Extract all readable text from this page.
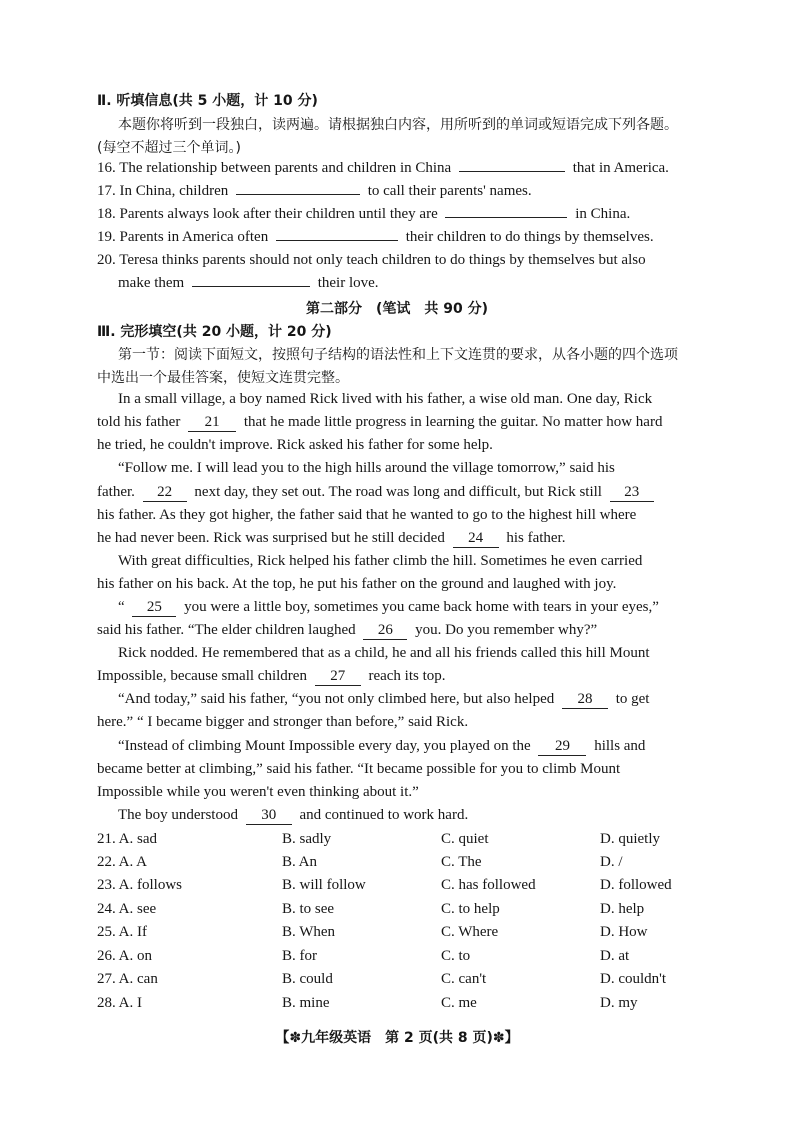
Ⅱ. 听填信息(共 5 小题，计 10 分)
本题你将听到一段独白，读两遍。请根据独白内容，用所听到的单词或短语完成下列各题。
(每空不超过三个单词。)
16. The relationship between parents and children in China	that in America.
17. In China, children	to call their parents' names.
18. Parents always look after their children until they are	in China.
19. Parents in America often	their children to do things by themselves.
20. Teresa thinks parents should not only teach children to do things by themselves but also
make them	their love.
第二部分　(笔试　共 90 分)
Ⅲ. 完形填空(共 20 小题，计 20 分)
第一节：阅读下面短文，按照句子结构的语法性和上下文连贯的要求，从各小题的四个选项
中选出一个最佳答案，使短文连贯完整。
In a small village, a boy named Rick lived with his father, a wise old man. One day, Rick
told his father 21 that he made little progress in learning the guitar. No matter how hard
he tried, he couldn't improve. Rick asked his father for some help.
“Follow me. I will lead you to the high hills around the village tomorrow,” said his
father. 22 next day, they set out. The road was long and difficult, but Rick still 23
his father. As they got higher, the father said that he wanted to go to the highest hill where
he had never been. Rick was surprised but he still decided 24 his father.
With great difficulties, Rick helped his father climb the hill. Sometimes he even carried
his father on his back. At the top, he put his father on the ground and laughed with joy.
“ 25 you were a little boy, sometimes you came back home with tears in your eyes,”
said his father. “The elder children laughed 26 you. Do you remember why?”
Rick nodded. He remembered that as a child, he and all his friends called this hill Mount
Impossible, because small children 27 reach its top.
“And today,” said his father, “you not only climbed here, but also helped 28 to get
here.” “ I became bigger and stronger than before,” said Rick.
“Instead of climbing Mount Impossible every day, you played on the 29 hills and
became better at climbing,” said his father. “It became possible for you to climb Mount
Impossible while you weren't even thinking about it.”
The boy understood 30 and continued to work hard.
21. A. sad	B. sadly	C. quiet	D. quietly
22. A. A	B. An	C. The	D. /
23. A. follows	B. will follow	C. has followed	D. followed
24. A. see	B. to see	C. to help	D. help
25. A. If	B. When	C. Where	D. How
26. A. on	B. for	C. to	D. at
27. A. can	B. could	C. can't	D. couldn't
28. A. I	B. mine	C. me	D. my
【✽九年级英语　第 2 页(共 8 页)✽】
